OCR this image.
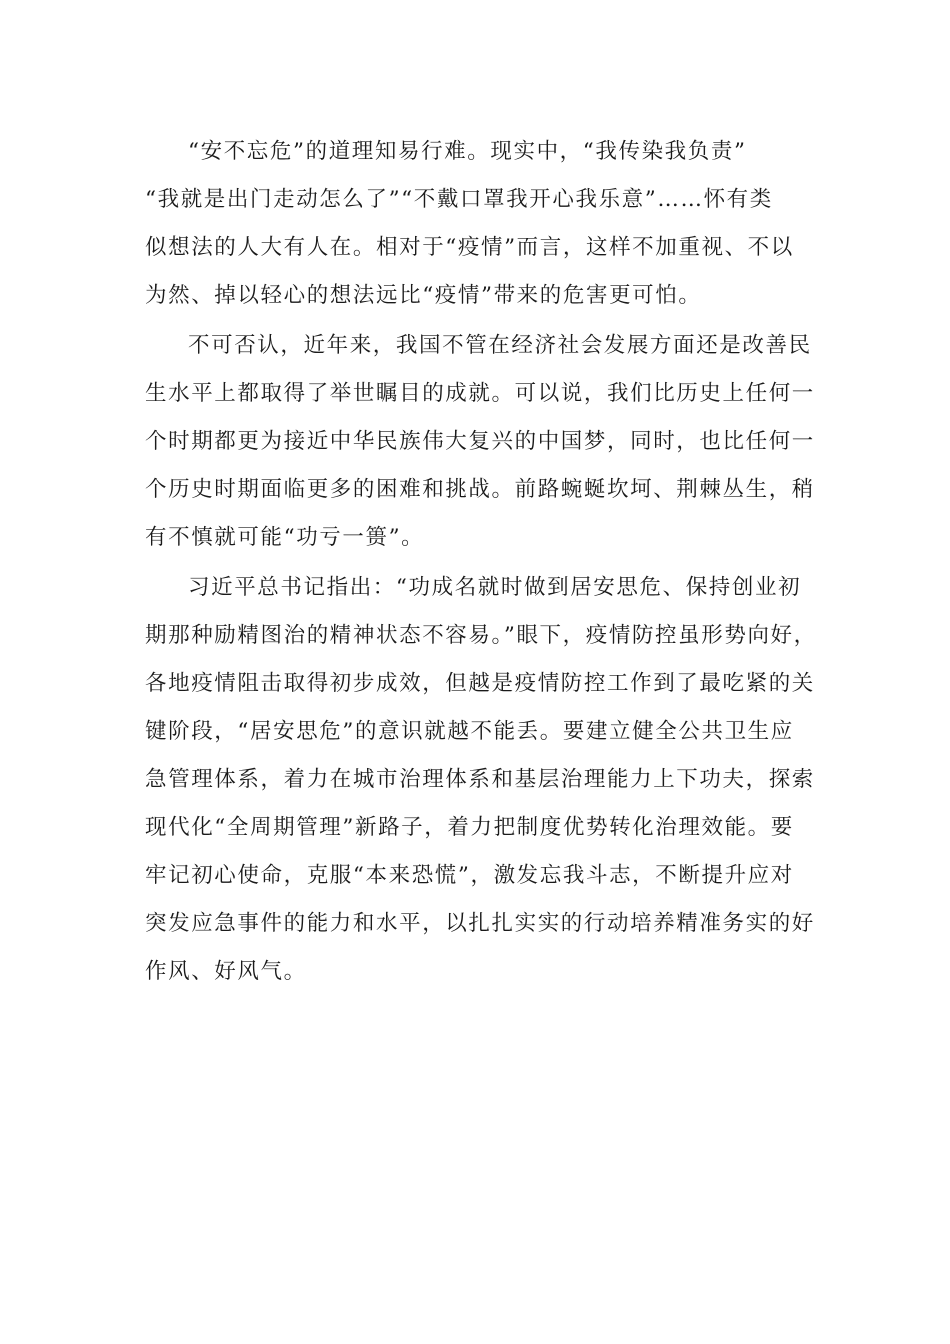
“安不忘危”的道理知易行难。现实中，“我传染我负责”
“我就是出门走动怎么了”“不戴口罩我开心我乐意”……怀有类
似想法的人大有人在。相对于“疫情”而言，这样不加重视、不以
为然、掉以轻心的想法远比“疫情”带来的危害更可怕。

不可否认，近年来，我国不管在经济社会发展方面还是改善民
生水平上都取得了举世瞩目的成就。可以说，我们比历史上任何一
个时期都更为接近中华民族伟大复兴的中国梦，同时，也比任何一
个历史时期面临更多的困难和挑战。前路蜿蜒坎坷、荆棘丛生，稍
有不慎就可能“功亏一篑”。

习近平总书记指出：“功成名就时做到居安思危、保持创业初
期那种励精图治的精神状态不容易。”眼下，疫情防控虽形势向好，
各地疫情阻击取得初步成效，但越是疫情防控工作到了最吃紧的关
键阶段，“居安思危”的意识就越不能丢。要建立健全公共卫生应
急管理体系，着力在城市治理体系和基层治理能力上下功夫，探索
现代化“全周期管理”新路子，着力把制度优势转化治理效能。要
牢记初心使命，克服“本来恐慌”，激发忘我斗志，不断提升应对
突发应急事件的能力和水平，以扎扎实实的行动培养精准务实的好
作风、好风气。
